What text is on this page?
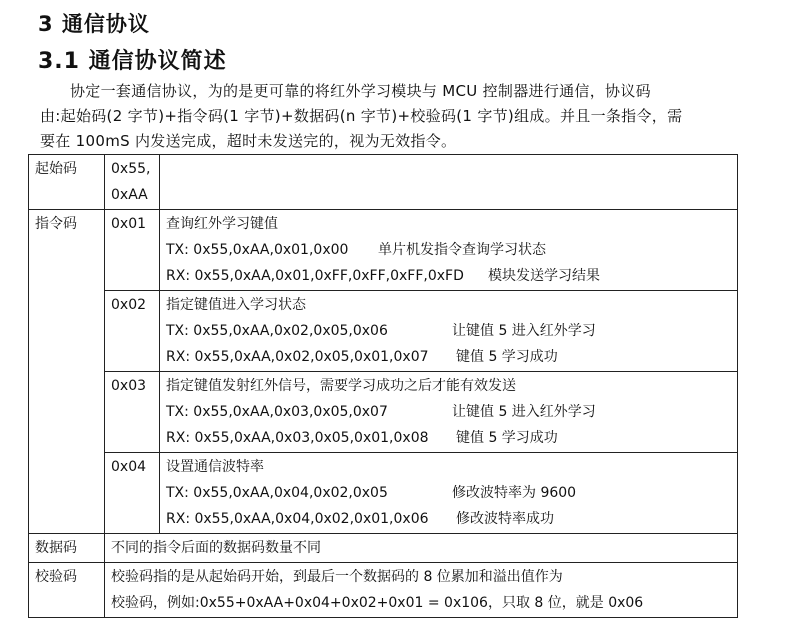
3 通信协议
3.1 通信协议简述
协定一套通信协议，为的是更可靠的将红外学习模块与 MCU 控制器进行通信，协议码
由:起始码(2 字节)+指令码(1 字节)+数据码(n 字节)+校验码(1 字节)组成。并且一条指令，需
要在 100mS 内发送完成，超时未发送完的，视为无效指令。
起始码	0x55,
0xAA
指令码	0x01	查询红外学习键值
TX: 0x55,0xAA,0x01,0x00 单片机发指令查询学习状态
RX: 0x55,0xAA,0x01,0xFF,0xFF,0xFF,0xFD 模块发送学习结果
0x02	指定键值进入学习状态
TX: 0x55,0xAA,0x02,0x05,0x06	让键值 5 进入红外学习
RX: 0x55,0xAA,0x02,0x05,0x01,0x07 键值 5 学习成功
0x03	指定键值发射红外信号，需要学习成功之后才能有效发送
TX: 0x55,0xAA,0x03,0x05,0x07	让键值 5 进入红外学习
RX: 0x55,0xAA,0x03,0x05,0x01,0x08 键值 5 学习成功
0x04	设置通信波特率
TX: 0x55,0xAA,0x04,0x02,0x05	修改波特率为 9600
RX: 0x55,0xAA,0x04,0x02,0x01,0x06 修改波特率成功
数据码	不同的指令后面的数据码数量不同
校验码	校验码指的是从起始码开始，到最后一个数据码的 8 位累加和溢出值作为
校验码，例如:0x55+0xAA+0x04+0x02+0x01 = 0x106，只取 8 位，就是 0x06
